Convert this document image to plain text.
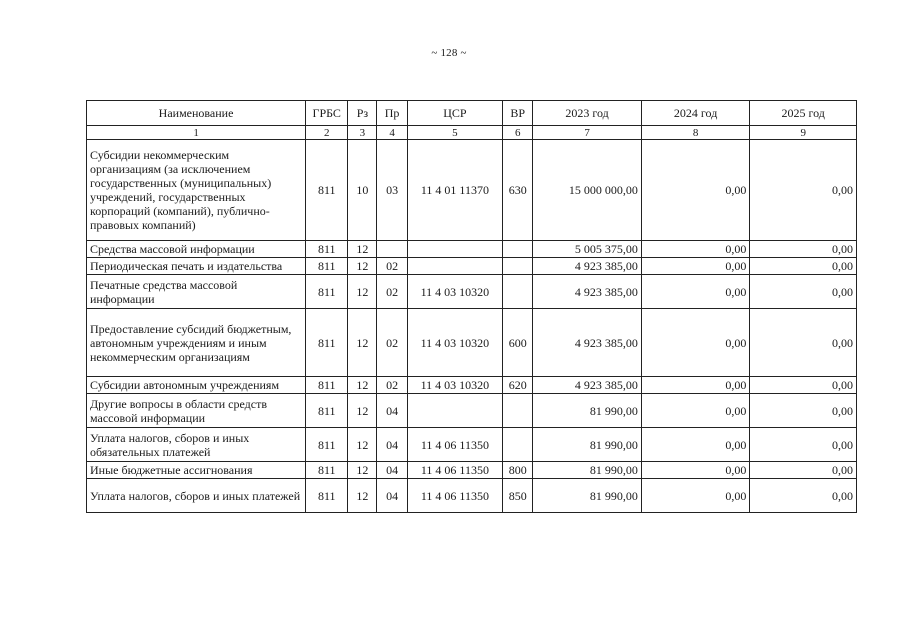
~ 128 ~
Наименование	ГРБС	Рз	Пр	ЦСР	ВР	2023 год	2024 год	2025 год
1	2	3	4	5	6	7	8	9
Субсидии некоммерческим организациям (за исключением государственных (муниципальных) учреждений, государственных корпораций (компаний), публично-правовых компаний)	811	10	03	11 4 01 11370	630	15 000 000,00	0,00	0,00
Средства массовой информации	811	12				5 005 375,00	0,00	0,00
Периодическая печать и издательства	811	12	02			4 923 385,00	0,00	0,00
Печатные средства массовой информации	811	12	02	11 4 03 10320		4 923 385,00	0,00	0,00
Предоставление субсидий бюджетным, автономным учреждениям и иным некоммерческим организациям	811	12	02	11 4 03 10320	600	4 923 385,00	0,00	0,00
Субсидии автономным учреждениям	811	12	02	11 4 03 10320	620	4 923 385,00	0,00	0,00
Другие вопросы в области средств массовой информации	811	12	04			81 990,00	0,00	0,00
Уплата налогов, сборов и иных обязательных платежей	811	12	04	11 4 06 11350		81 990,00	0,00	0,00
Иные бюджетные ассигнования	811	12	04	11 4 06 11350	800	81 990,00	0,00	0,00
Уплата налогов, сборов и иных платежей	811	12	04	11 4 06 11350	850	81 990,00	0,00	0,00
